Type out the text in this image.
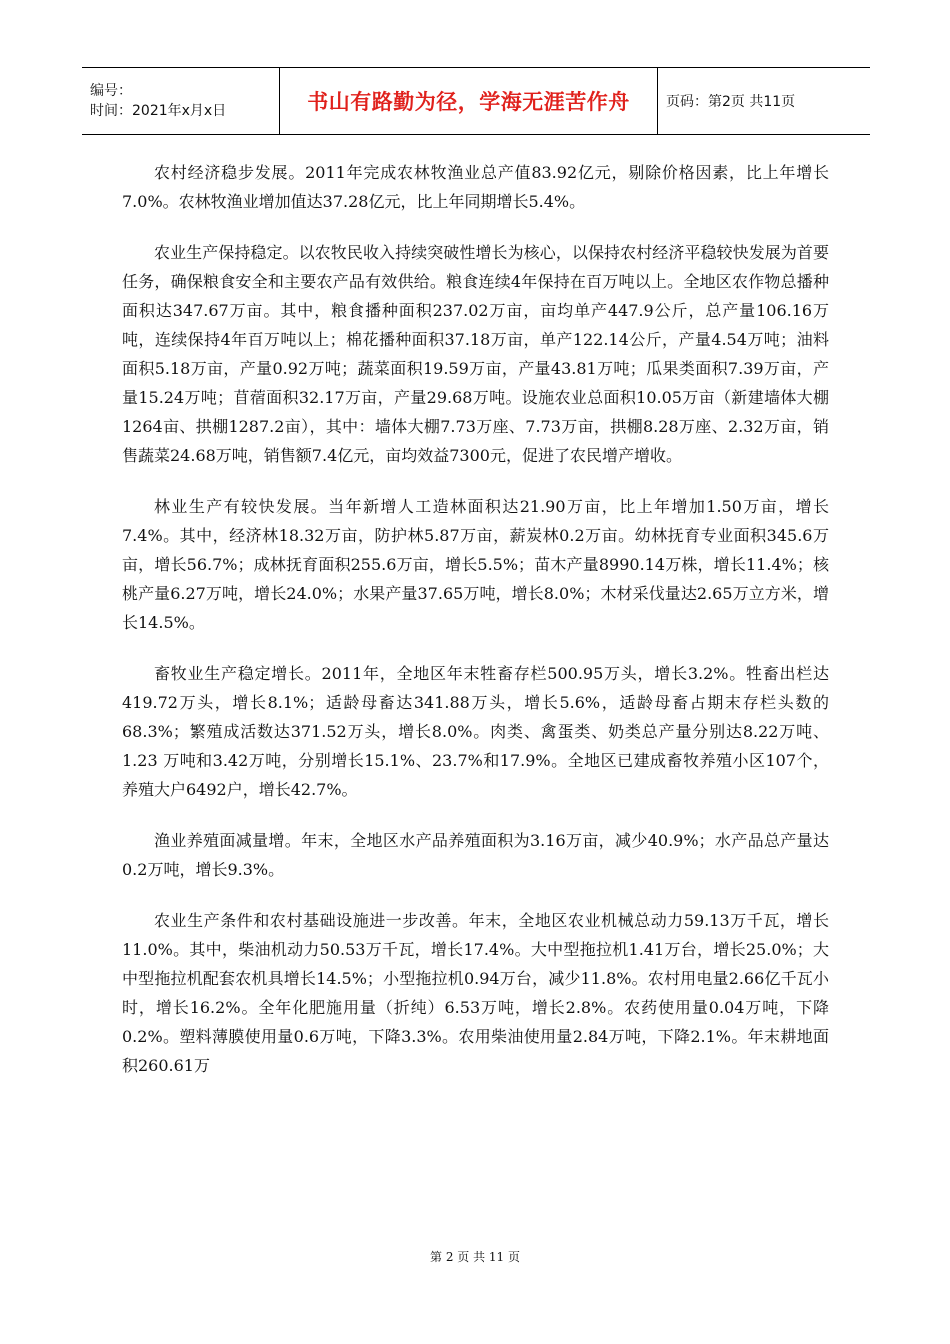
编号：
时间：2021年x月x日	书山有路勤为径，学海无涯苦作舟	页码：第2页 共11页

农村经济稳步发展。2011年完成农林牧渔业总产值83.92亿元，剔除价格因素，比上年增长7.0%。农林牧渔业增加值达37.28亿元，比上年同期增长5.4%。

农业生产保持稳定。以农牧民收入持续突破性增长为核心，以保持农村经济平稳较快发展为首要任务，确保粮食安全和主要农产品有效供给。粮食连续4年保持在百万吨以上。全地区农作物总播种面积达347.67万亩。其中，粮食播种面积237.02万亩，亩均单产447.9公斤，总产量106.16万吨，连续保持4年百万吨以上；棉花播种面积37.18万亩，单产122.14公斤，产量4.54万吨；油料面积5.18万亩，产量0.92万吨；蔬菜面积19.59万亩，产量43.81万吨；瓜果类面积7.39万亩，产量15.24万吨；苜蓿面积32.17万亩，产量29.68万吨。设施农业总面积10.05万亩（新建墙体大棚1264亩、拱棚1287.2亩），其中：墙体大棚7.73万座、7.73万亩，拱棚8.28万座、2.32万亩，销售蔬菜24.68万吨，销售额7.4亿元，亩均效益7300元，促进了农民增产增收。

林业生产有较快发展。当年新增人工造林面积达21.90万亩，比上年增加1.50万亩，增长7.4%。其中，经济林18.32万亩，防护林5.87万亩，薪炭林0.2万亩。幼林抚育专业面积345.6万亩，增长56.7%；成林抚育面积255.6万亩，增长5.5%；苗木产量8990.14万株，增长11.4%；核桃产量6.27万吨，增长24.0%；水果产量37.65万吨，增长8.0%；木材采伐量达2.65万立方米，增长14.5%。

畜牧业生产稳定增长。2011年，全地区年末牲畜存栏500.95万头，增长3.2%。牲畜出栏达419.72万头，增长8.1%；适龄母畜达341.88万头，增长5.6%，适龄母畜占期末存栏头数的68.3%；繁殖成活数达371.52万头，增长8.0%。肉类、禽蛋类、奶类总产量分别达8.22万吨、1.23 万吨和3.42万吨，分别增长15.1%、23.7%和17.9%。全地区已建成畜牧养殖小区107个，养殖大户6492户，增长42.7%。

渔业养殖面减量增。年末，全地区水产品养殖面积为3.16万亩，减少40.9%；水产品总产量达0.2万吨，增长9.3%。

农业生产条件和农村基础设施进一步改善。年末，全地区农业机械总动力59.13万千瓦，增长11.0%。其中，柴油机动力50.53万千瓦，增长17.4%。大中型拖拉机1.41万台，增长25.0%；大中型拖拉机配套农机具增长14.5%；小型拖拉机0.94万台，减少11.8%。农村用电量2.66亿千瓦小时，增长16.2%。全年化肥施用量（折纯）6.53万吨，增长2.8%。农药使用量0.04万吨，下降0.2%。塑料薄膜使用量0.6万吨，下降3.3%。农用柴油使用量2.84万吨，下降2.1%。年末耕地面积260.61万

第 2 页 共 11 页
